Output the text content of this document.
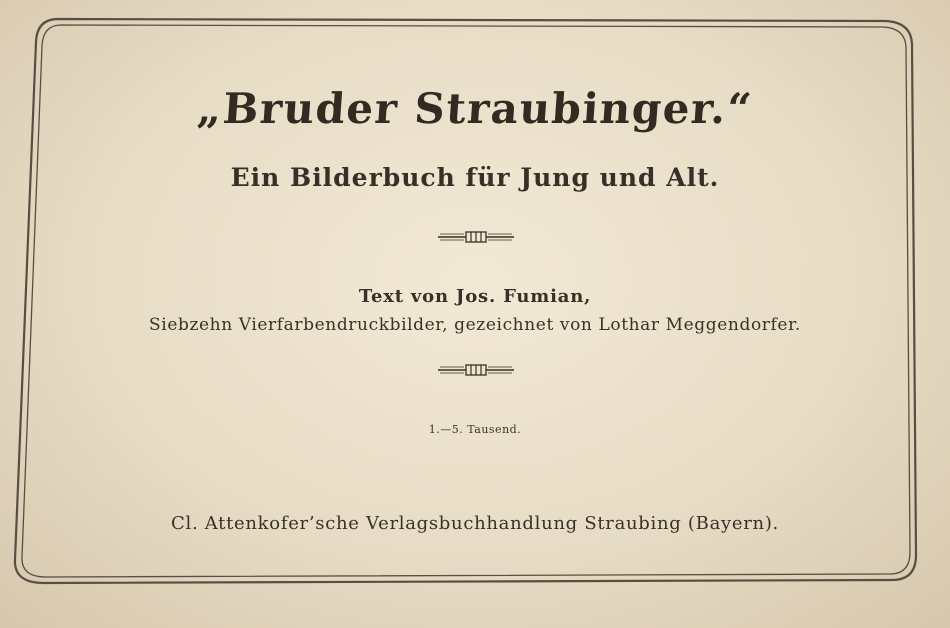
„Bruder Straubinger.“
Ein Bilderbuch für Jung und Alt.
Text von Jos. Fumian,
Siebzehn Vierfarbendruckbilder, gezeichnet von Lothar Meggendorfer.
1.—5. Tausend.
Cl. Attenkofer’sche Verlagsbuchhandlung Straubing (Bayern).
